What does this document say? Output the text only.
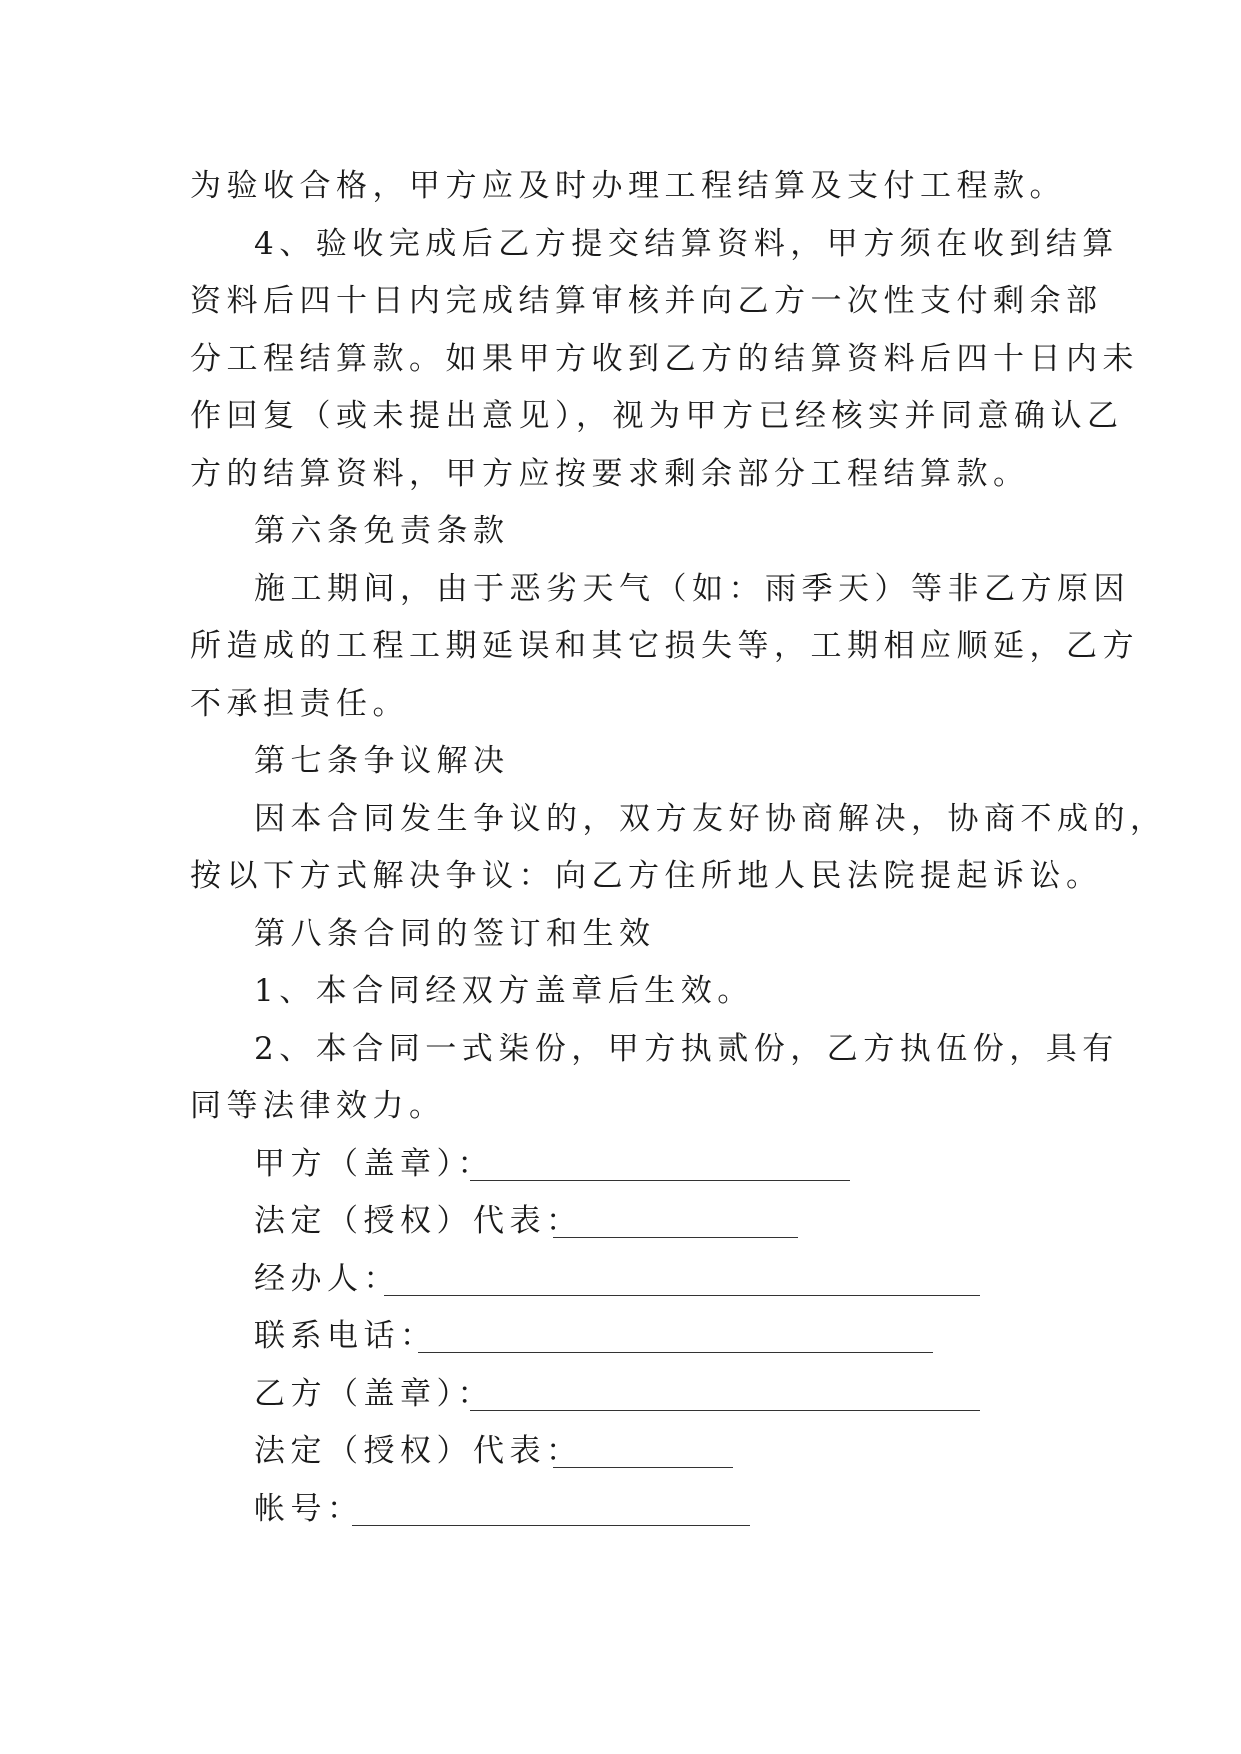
为验收合格，甲方应及时办理工程结算及支付工程款。
4、验收完成后乙方提交结算资料，甲方须在收到结算
资料后四十日内完成结算审核并向乙方一次性支付剩余部
分工程结算款。如果甲方收到乙方的结算资料后四十日内未
作回复（或未提出意见），视为甲方已经核实并同意确认乙
方的结算资料，甲方应按要求剩余部分工程结算款。
第六条免责条款
施工期间，由于恶劣天气（如：雨季天）等非乙方原因
所造成的工程工期延误和其它损失等，工期相应顺延，乙方
不承担责任。
第七条争议解决
因本合同发生争议的，双方友好协商解决，协商不成的，
按以下方式解决争议：向乙方住所地人民法院提起诉讼。
第八条合同的签订和生效
1、本合同经双方盖章后生效。
2、本合同一式柒份，甲方执贰份，乙方执伍份，具有
同等法律效力。
甲方（盖章）：
法定（授权）代表：
经办人：
联系电话：
乙方（盖章）：
法定（授权）代表：
帐号：
